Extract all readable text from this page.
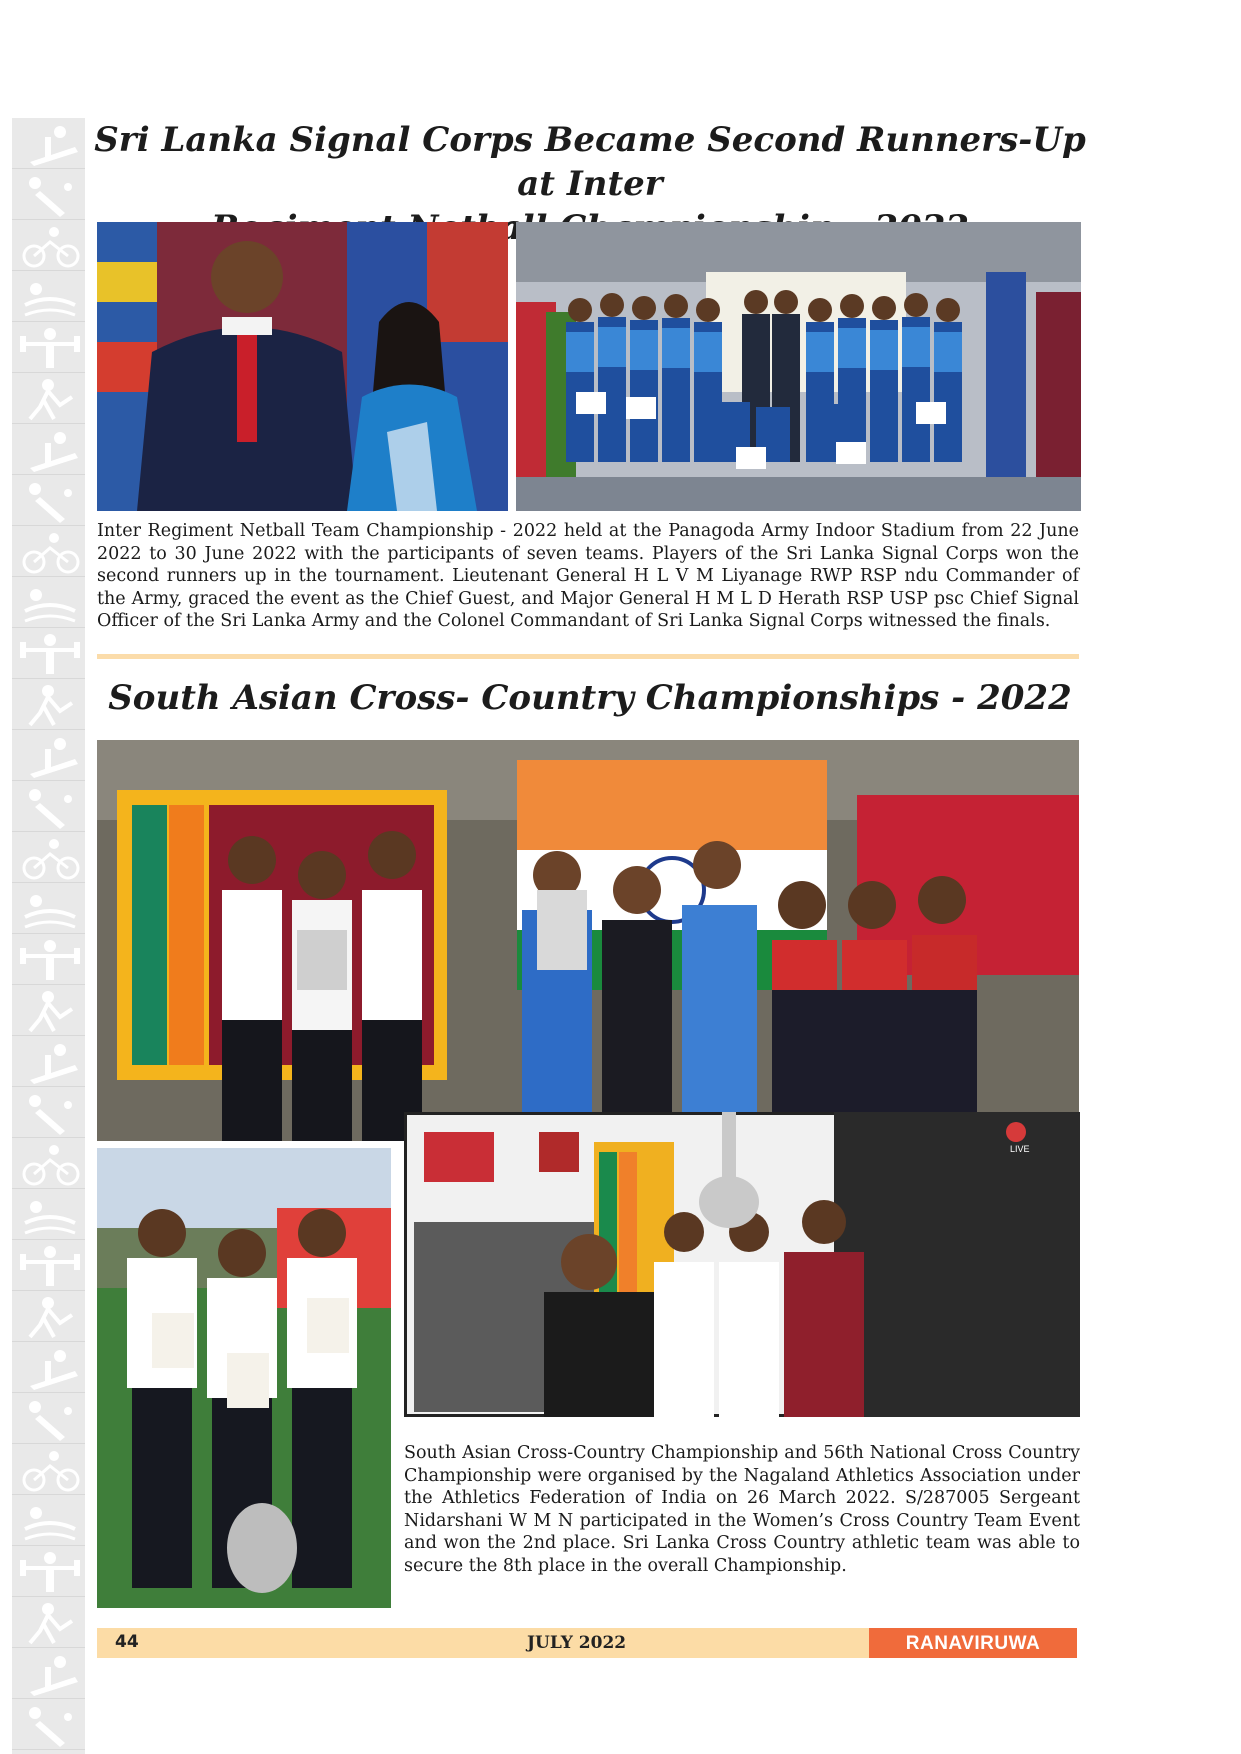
Sri Lanka Signal Corps Became Second Runners-Up at Inter

Inter Regiment Netball Team Championship - 2022 held at the Panagoda Army Indoor Stadium from 22 June 2022 to 30 June 2022 with the participants of seven teams. Players of the Sri Lanka Signal Corps won the second runners up in the tournament. Lieutenant General H L V M Liyanage RWP RSP ndu Commander of the Army, graced the event as the Chief Guest, and Major General H M L D Herath RSP USP psc Chief Signal Officer of the Sri Lanka Army and the Colonel Commandant of Sri Lanka Signal Corps witnessed the finals.

South Asian Cross- Country Championships - 2022
LIVE

South Asian Cross-Country Championship and 56th National Cross Country Championship were organised by the Nagaland Athletics Association under the Athletics Federation of India on 26 March 2022. S/287005 Sergeant Nidarshani W M N participated in the Women’s Cross Country Team Event and won the 2nd place. Sri Lanka Cross Country athletic team was able to secure the 8th place in the overall Championship.

44	JULY 2022	RANAVIRUWA
